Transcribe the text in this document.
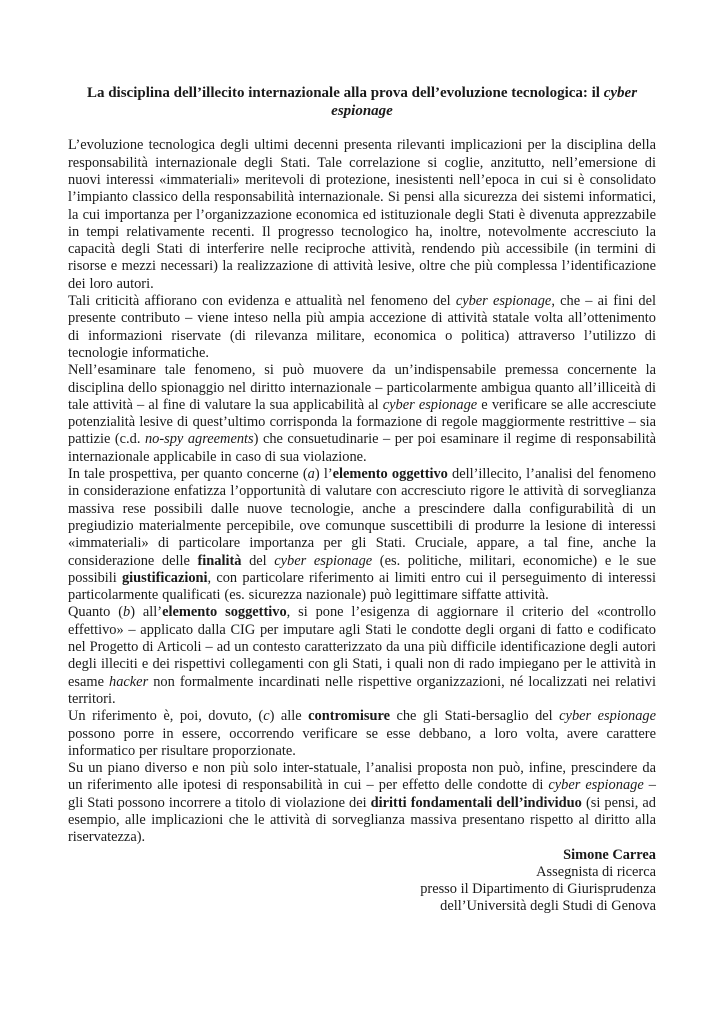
La disciplina dell’illecito internazionale alla prova dell’evoluzione tecnologica: il cyber espionage

L’evoluzione tecnologica degli ultimi decenni presenta rilevanti implicazioni per la disciplina della responsabilità internazionale degli Stati. Tale correlazione si coglie, anzitutto, nell’emersione di nuovi interessi «immateriali» meritevoli di protezione, inesistenti nell’epoca in cui si è consolidato l’impianto classico della responsabilità internazionale. Si pensi alla sicurezza dei sistemi informatici, la cui importanza per l’organizzazione economica ed istituzionale degli Stati è divenuta apprezzabile in tempi relativamente recenti. Il progresso tecnologico ha, inoltre, notevolmente accresciuto la capacità degli Stati di interferire nelle reciproche attività, rendendo più accessibile (in termini di risorse e mezzi necessari) la realizzazione di attività lesive, oltre che più complessa l’identificazione dei loro autori.

Tali criticità affiorano con evidenza e attualità nel fenomeno del cyber espionage, che – ai fini del presente contributo – viene inteso nella più ampia accezione di attività statale volta all’ottenimento di informazioni riservate (di rilevanza militare, economica o politica) attraverso l’utilizzo di tecnologie informatiche.

Nell’esaminare tale fenomeno, si può muovere da un’indispensabile premessa concernente la disciplina dello spionaggio nel diritto internazionale – particolarmente ambigua quanto all’illiceità di tale attività – al fine di valutare la sua applicabilità al cyber espionage e verificare se alle accresciute potenzialità lesive di quest’ultimo corrisponda la formazione di regole maggiormente restrittive – sia pattizie (c.d. no-spy agreements) che consuetudinarie – per poi esaminare il regime di responsabilità internazionale applicabile in caso di sua violazione.

In tale prospettiva, per quanto concerne (a) l’elemento oggettivo dell’illecito, l’analisi del fenomeno in considerazione enfatizza l’opportunità di valutare con accresciuto rigore le attività di sorveglianza massiva rese possibili dalle nuove tecnologie, anche a prescindere dalla configurabilità di un pregiudizio materialmente percepibile, ove comunque suscettibili di produrre la lesione di interessi «immateriali» di particolare importanza per gli Stati. Cruciale, appare, a tal fine, anche la considerazione delle finalità del cyber espionage (es. politiche, militari, economiche) e le sue possibili giustificazioni, con particolare riferimento ai limiti entro cui il perseguimento di interessi particolarmente qualificati (es. sicurezza nazionale) può legittimare siffatte attività.

Quanto (b) all’elemento soggettivo, si pone l’esigenza di aggiornare il criterio del «controllo effettivo» – applicato dalla CIG per imputare agli Stati le condotte degli organi di fatto e codificato nel Progetto di Articoli – ad un contesto caratterizzato da una più difficile identificazione degli autori degli illeciti e dei rispettivi collegamenti con gli Stati, i quali non di rado impiegano per le attività in esame hacker non formalmente incardinati nelle rispettive organizzazioni, né localizzati nei relativi territori.

Un riferimento è, poi, dovuto, (c) alle contromisure che gli Stati-bersaglio del cyber espionage possono porre in essere, occorrendo verificare se esse debbano, a loro volta, avere carattere informatico per risultare proporzionate.

Su un piano diverso e non più solo inter-statuale, l’analisi proposta non può, infine, prescindere da un riferimento alle ipotesi di responsabilità in cui – per effetto delle condotte di cyber espionage – gli Stati possono incorrere a titolo di violazione dei diritti fondamentali dell’individuo (si pensi, ad esempio, alle implicazioni che le attività di sorveglianza massiva presentano rispetto al diritto alla riservatezza).

Simone Carrea
Assegnista di ricerca
presso il Dipartimento di Giurisprudenza
dell’Università degli Studi di Genova
